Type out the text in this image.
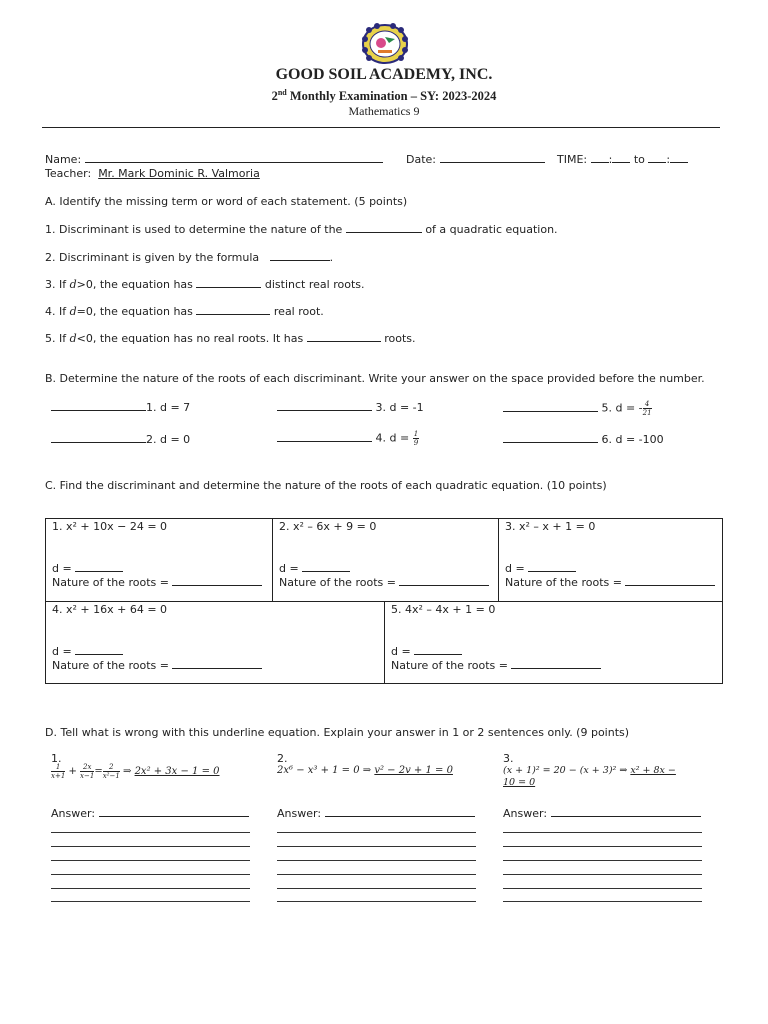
GOOD SOIL ACADEMY, INC.
2nd Monthly Examination – SY: 2023-2024
Mathematics 9
Name:	Date:	TIME: : to :
Teacher: Mr. Mark Dominic R. Valmoria
A. Identify the missing term or word of each statement. (5 points)
1. Discriminant is used to determine the nature of the	of a quadratic equation.
2. Discriminant is given by the formula	.
3. If d>0, the equation has	distinct real roots.
4. If d=0, the equation has	real root.
5. If d<0, the equation has no real roots. It has	roots.
B. Determine the nature of the roots of each discriminant. Write your answer on the space provided before the number.
1. d = 7
2. d = 0
3. d = -1
4. $d = \frac{1}{9}$
5. d = - $\frac{4}{21}$
6. d = -100
C. Find the discriminant and determine the nature of the roots of each quadratic equation. (10 points)
1. x² + 10x − 24 = 0
d =
Nature of the roots =
2. x² – 6x + 9 = 0
d =
Nature of the roots =
3. x² – x + 1 = 0
d =
Nature of the roots =
4. x² + 16x + 64 = 0
d =
Nature of the roots =
5. 4x² – 4x + 1 = 0
d =
Nature of the roots =
D. Tell what is wrong with this underline equation. Explain your answer in 1 or 2 sentences only. (9 points)
1.
$\frac{1}{x+1} + \frac{2x}{x-1} = \frac{2}{\text{x²−1}}$ ⇒ 2x² + 3x − 1 = 0
Answer:
2.
2x⁶ − x³ + 1 = 0 ⇒ v² − 2v + 1 = 0
Answer:
3.
(x + 1)² = 20 − (x + 3)² ⇒ x² + 8x −
10 = 0
Answer:
